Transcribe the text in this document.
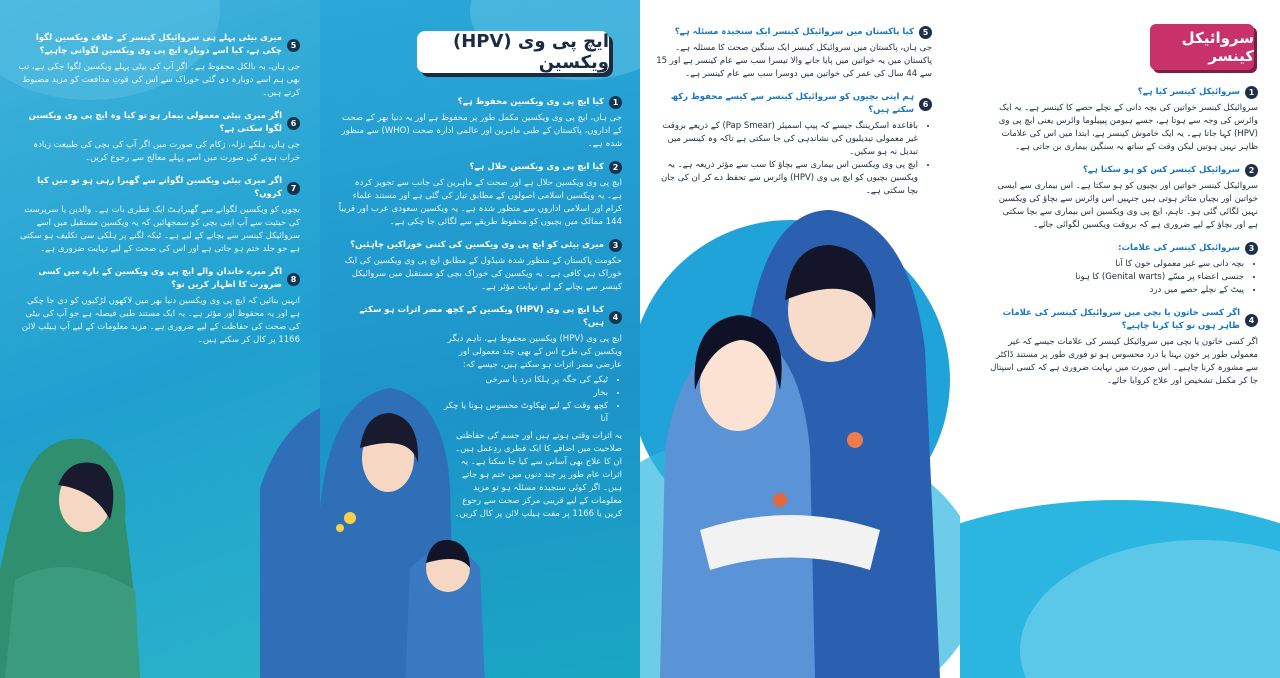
5
میری بیٹی پہلے ہی سروائیکل کینسر کے خلاف ویکسین لگوا چکی ہے، کیا اسے دوبارہ ایچ پی وی ویکسین لگوانی چاہیے؟
جی ہاں، یہ بالکل محفوظ ہے۔ اگر آپ کی بیٹی پہلے ویکسین لگوا چکی ہے، تب بھی ہم اسے دوبارہ دی گئی خوراک سے اس کی قوتِ مدافعت کو مزید مضبوط کرتے ہیں۔
6
اگر میری بیٹی معمولی بیمار ہو تو کیا وہ ایچ پی وی ویکسین لگوا سکتی ہے؟
جی ہاں، ہلکے نزلہ، زکام کی صورت میں اگر آپ کی بچی کی طبیعت زیادہ خراب ہونے کی صورت میں اسے پہلے معالج سے رجوع کریں۔
7
اگر میری بیٹی ویکسین لگوانے سے گھبرا رہی ہو تو میں کیا کروں؟
بچوں کو ویکسین لگوانے سے گھبراہٹ ایک فطری بات ہے۔ والدین یا سرپرست کی حیثیت سے آپ اپنی بچی کو سمجھائیں کہ یہ ویکسین مستقبل میں اسے سروائیکل کینسر سے بچانے کے لیے ہے۔ ٹیکہ لگنے پر ہلکی سی تکلیف ہو سکتی ہے جو جلد ختم ہو جاتی ہے اور اس کی صحت کے لیے نہایت ضروری ہے۔
8
اگر میرے خاندان والے ایچ پی وی ویکسین کے بارے میں کسی ضرورت کا اظہار کریں تو؟
انہیں بتائیں کہ ایچ پی وی ویکسین دنیا بھر میں لاکھوں لڑکیوں کو دی جا چکی ہے اور یہ محفوظ اور مؤثر ہے۔ یہ ایک مستند طبی فیصلہ ہے جو آپ کی بیٹی کی صحت کی حفاظت کے لیے ضروری ہے۔ مزید معلومات کے لیے آپ ہیلپ لائن 1166 پر کال کر سکتے ہیں۔
1
کیا ایچ پی وی ویکسین محفوظ ہے؟
جی ہاں، ایچ پی وی ویکسین مکمل طور پر محفوظ ہے اور یہ دنیا بھر کے صحت کے اداروں، پاکستان کے طبی ماہرین اور عالمی ادارہ صحت (WHO) سے منظور شدہ ہے۔
2
کیا ایچ پی وی ویکسین حلال ہے؟
ایچ پی وی ویکسین حلال ہے اور صحت کے ماہرین کی جانب سے تجویز کردہ ہے۔ یہ ویکسین اسلامی اصولوں کے مطابق تیار کی گئی ہے اور مستند علماء کرام اور اسلامی اداروں سے منظور شدہ ہے۔ یہ ویکسین سعودی عرب اور قریباً 144 ممالک میں بچیوں کو محفوظ طریقے سے لگائی جا چکی ہے۔
3
میری بیٹی کو ایچ پی وی ویکسین کی کتنی خوراکیں چاہئیں؟
حکومت پاکستان کے منظور شدہ شیڈول کے مطابق ایچ پی وی ویکسین کی ایک خوراک ہی کافی ہے۔ یہ ویکسین کی خوراک بچی کو مستقبل میں سروائیکل کینسر سے بچانے کے لیے نہایت مؤثر ہے۔
4
کیا ایچ پی وی (HPV) ویکسین کے کچھ مضر اثرات ہو سکتے ہیں؟
ایچ پی وی (HPV) ویکسین محفوظ ہے، تاہم دیگر ویکسین کی طرح اس کے بھی چند معمولی اور عارضی مضر اثرات ہو سکتے ہیں، جیسے کہ:
• ٹیکے کی جگہ پر ہلکا درد یا سرخی
• بخار
• کچھ وقت کے لیے تھکاوٹ محسوس ہونا یا چکر آنا
یہ اثرات وقتی ہوتے ہیں اور جسم کی حفاظتی صلاحیت میں اضافے کا ایک فطری ردِعمل ہیں۔ ان کا علاج بھی آسانی سے کیا جا سکتا ہے۔ یہ اثرات عام طور پر چند دنوں میں ختم ہو جاتے ہیں۔ اگر کوئی سنجیدہ مسئلہ ہو تو مزید معلومات کے لیے قریبی مرکز صحت سے رجوع کریں یا 1166 پر مفت ہیلپ لائن پر کال کریں۔
ایچ پی وی (HPV) ویکسین
5
کیا پاکستان میں سروائیکل کینسر ایک سنجیدہ مسئلہ ہے؟
جی ہاں، پاکستان میں سروائیکل کینسر ایک سنگین صحت کا مسئلہ ہے۔ پاکستان میں یہ خواتین میں پایا جانے والا تیسرا سب سے عام کینسر ہے اور 15 سے 44 سال کی عمر کی خواتین میں دوسرا سب سے عام کینسر ہے۔
6
ہم اپنی بچیوں کو سروائیکل کینسر سے کیسے محفوظ رکھ سکتے ہیں؟
• باقاعدہ اسکریننگ جیسے کہ پیپ اسمیئر (Pap Smear) کے ذریعے بروقت غیر معمولی تبدیلیوں کی نشاندہی کی جا سکتی ہے تاکہ وہ کینسر میں تبدیل نہ ہو سکیں۔
• ایچ پی وی ویکسین اس بیماری سے بچاؤ کا سب سے مؤثر ذریعہ ہے۔ یہ ویکسین بچیوں کو ایچ پی وی (HPV) وائرس سے تحفظ دے کر ان کی جان بچا سکتی ہے۔
1
سروائیکل کینسر کیا ہے؟
سروائیکل کینسر خواتین کی بچہ دانی کے نچلے حصے کا کینسر ہے۔ یہ ایک وائرس کی وجہ سے ہوتا ہے، جسے ہیومن پیپیلوما وائرس یعنی ایچ پی وی (HPV) کہا جاتا ہے۔ یہ ایک خاموش کینسر ہے، ابتدا میں اس کی علامات ظاہر نہیں ہوتیں لیکن وقت کے ساتھ یہ سنگین بیماری بن جاتی ہے۔
2
سروائیکل کینسر کس کو ہو سکتا ہے؟
سروائیکل کینسر خواتین اور بچیوں کو ہو سکتا ہے۔ اس بیماری سے ایسی خواتین اور بچیاں متاثر ہوتی ہیں جنہیں اس وائرس سے بچاؤ کی ویکسین نہیں لگائی گئی ہو۔ تاہم، ایچ پی وی ویکسین اس بیماری سے بچا سکتی ہے اور بچاؤ کے لیے ضروری ہے کہ بروقت ویکسین لگوائی جائے۔
3
سروائیکل کینسر کی علامات:
• بچہ دانی سے غیر معمولی خون کا آنا
• جنسی اعضاء پر مسّے (Genital warts) کا ہونا
• پیٹ کے نچلے حصے میں درد
4
اگر کسی خاتون یا بچی میں سروائیکل کینسر کی علامات ظاہر ہوں تو کیا کرنا چاہیے؟
اگر کسی خاتون یا بچی میں سروائیکل کینسر کی علامات جیسے کہ غیر معمولی طور پر خون بہنا یا درد محسوس ہو تو فوری طور پر مستند ڈاکٹر سے مشورہ کرنا چاہیے۔ اس صورت میں نہایت ضروری ہے کہ کسی اسپتال جا کر مکمل تشخیص اور علاج کروایا جائے۔
سروائیکل کینسر
